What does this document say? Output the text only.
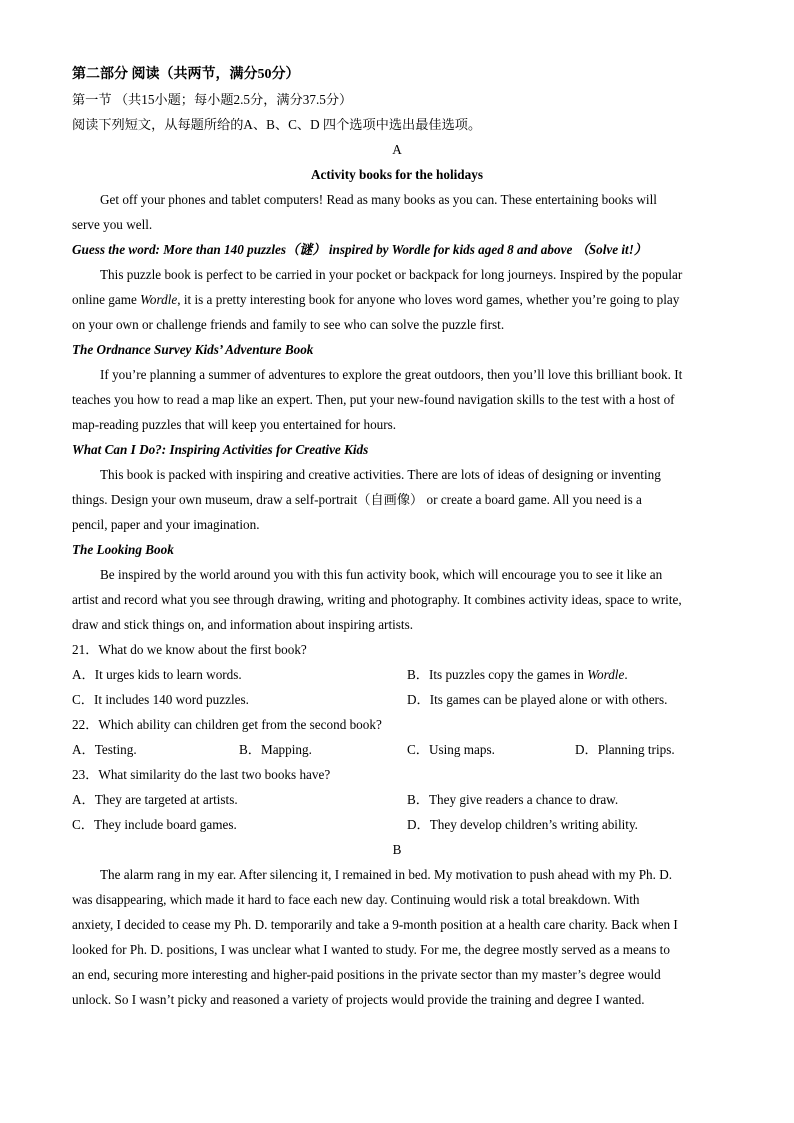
第二部分 阅读（共两节，满分50分）
第一节 （共15小题；每小题2.5分，满分37.5分）
阅读下列短文，从每题所给的A、B、C、D 四个选项中选出最佳选项。
A
Activity books for the holidays
Get off your phones and tablet computers! Read as many books as you can. These entertaining books will
serve you well.
Guess the word: More than 140 puzzles（谜） inspired by Wordle for kids aged 8 and above （Solve it!）
This puzzle book is perfect to be carried in your pocket or backpack for long journeys. Inspired by the popular
online game Wordle, it is a pretty interesting book for anyone who loves word games, whether you’re going to play
on your own or challenge friends and family to see who can solve the puzzle first.
The Ordnance Survey Kids’ Adventure Book
If you’re planning a summer of adventures to explore the great outdoors, then you’ll love this brilliant book. It
teaches you how to read a map like an expert. Then, put your new-found navigation skills to the test with a host of
map-reading puzzles that will keep you entertained for hours.
What Can I Do?: Inspiring Activities for Creative Kids
This book is packed with inspiring and creative activities. There are lots of ideas of designing or inventing
things. Design your own museum, draw a self-portrait（自画像） or create a board game. All you need is a
pencil, paper and your imagination.
The Looking Book
Be inspired by the world around you with this fun activity book, which will encourage you to see it like an
artist and record what you see through drawing, writing and photography. It combines activity ideas, space to write,
draw and stick things on, and information about inspiring artists.
21．What do we know about the first book?
A．It urges kids to learn words.	B．Its puzzles copy the games in Wordle.
C．It includes 140 word puzzles.	D．Its games can be played alone or with others.
22．Which ability can children get from the second book?
A．Testing.	B．Mapping.	C．Using maps.	D．Planning trips.
23．What similarity do the last two books have?
A．They are targeted at artists.	B．They give readers a chance to draw.
C．They include board games.	D．They develop children’s writing ability.
B
The alarm rang in my ear. After silencing it, I remained in bed. My motivation to push ahead with my Ph. D.
was disappearing, which made it hard to face each new day. Continuing would risk a total breakdown. With
anxiety, I decided to cease my Ph. D. temporarily and take a 9-month position at a health care charity. Back when I
looked for Ph. D. positions, I was unclear what I wanted to study. For me, the degree mostly served as a means to
an end, securing more interesting and higher-paid positions in the private sector than my master’s degree would
unlock. So I wasn’t picky and reasoned a variety of projects would provide the training and degree I wanted.
